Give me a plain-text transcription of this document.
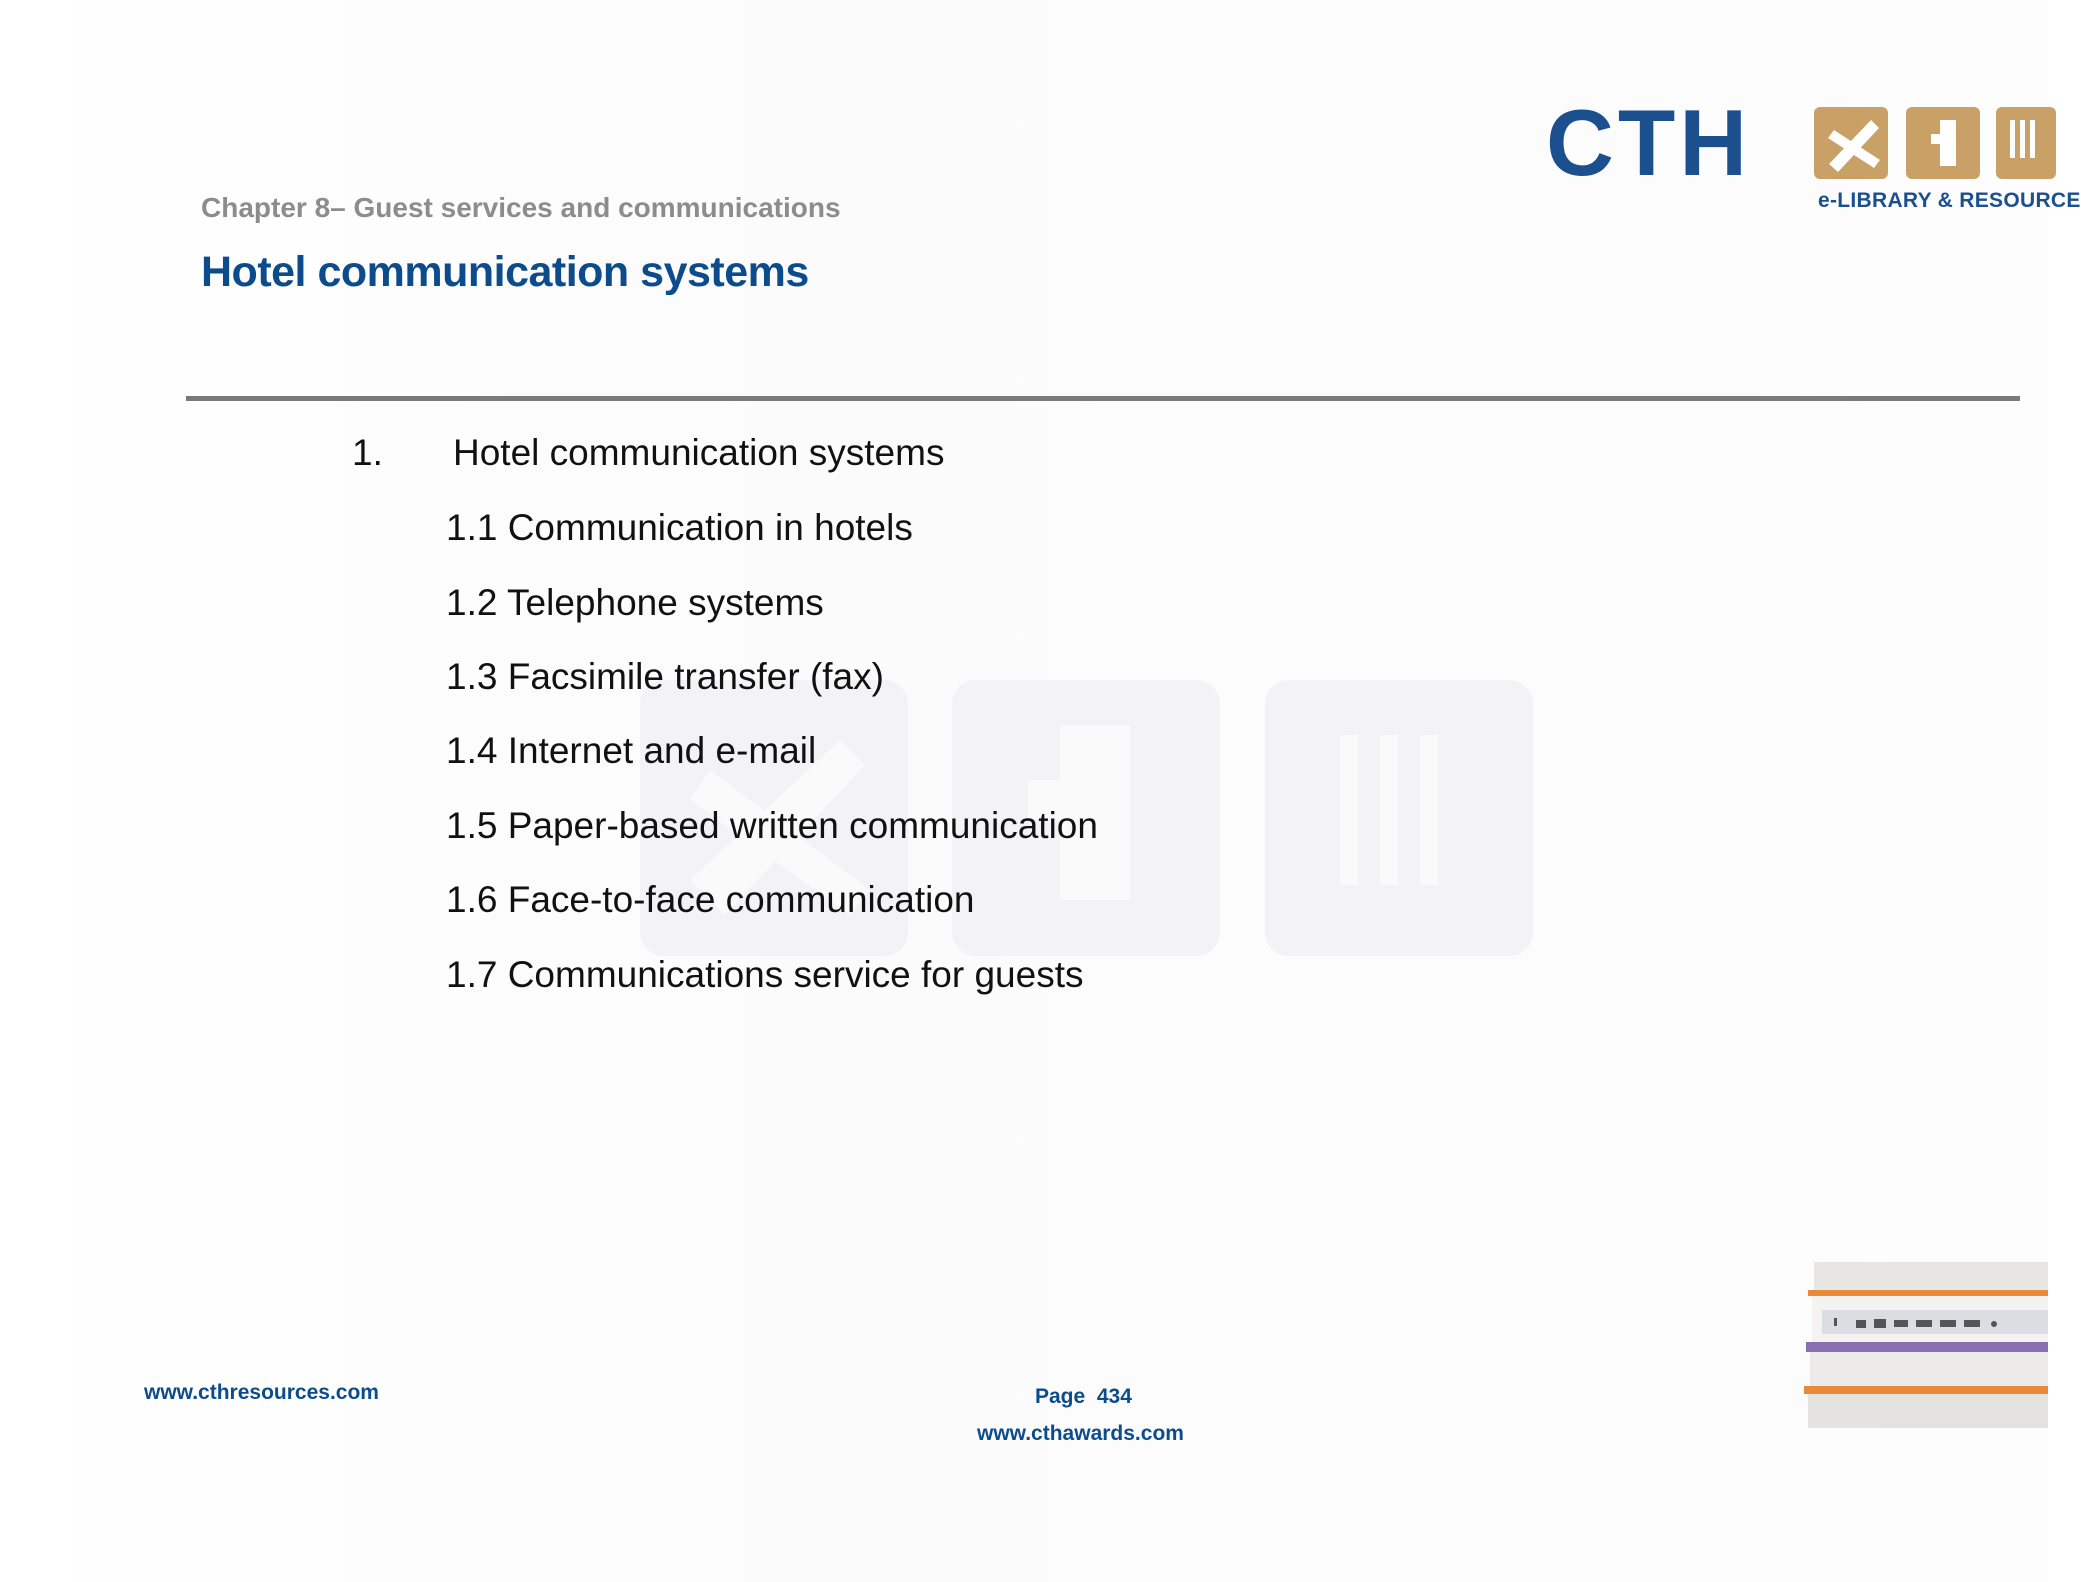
Chapter 8– Guest services and communications
Hotel communication systems
1. Hotel communication systems
1.1 Communication in hotels
1.2 Telephone systems
1.3 Facsimile transfer (fax)
1.4 Internet and e-mail
1.5 Paper-based written communication
1.6 Face-to-face communication
1.7 Communications service for guests
CTH
e-LIBRARY & RESOURCE
www.cthresources.com	Page 434
www.cthawards.com
